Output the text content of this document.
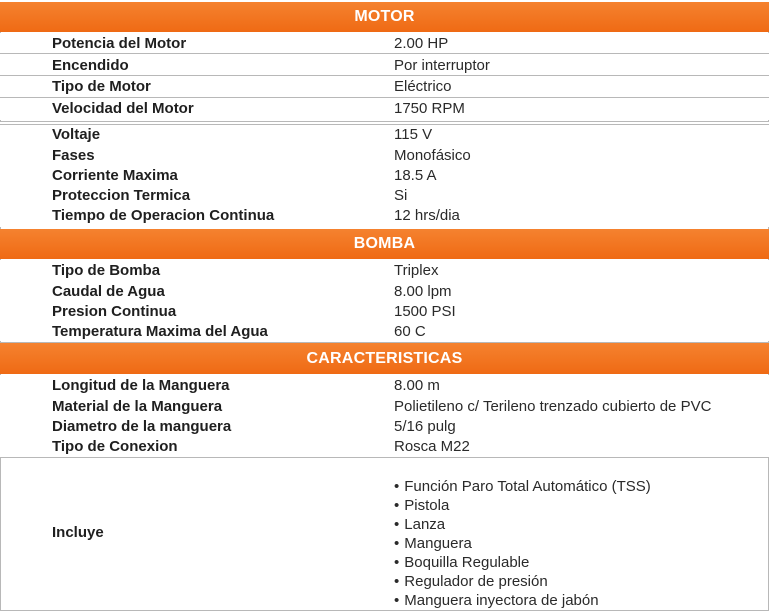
MOTOR
Potencia del Motor	2.00 HP
Encendido	Por interruptor
Tipo de Motor	Eléctrico
Velocidad del Motor	1750 RPM
Voltaje	115 V
Fases	Monofásico
Corriente Maxima	18.5 A
Proteccion Termica	Si
Tiempo de Operacion Continua	12 hrs/dia
BOMBA
Tipo de Bomba	Triplex
Caudal de Agua	8.00 lpm
Presion Continua	1500 PSI
Temperatura Maxima del Agua	60 C
CARACTERISTICAS
Longitud de la Manguera	8.00 m
Material de la Manguera	Polietileno c/ Terileno trenzado cubierto de PVC
Diametro de la manguera	5/16 pulg
Tipo de Conexion	Rosca M22
Incluye
• Función Paro Total Automático (TSS)
• Pistola
• Lanza
• Manguera
• Boquilla Regulable
• Regulador de presión
• Manguera inyectora de jabón
